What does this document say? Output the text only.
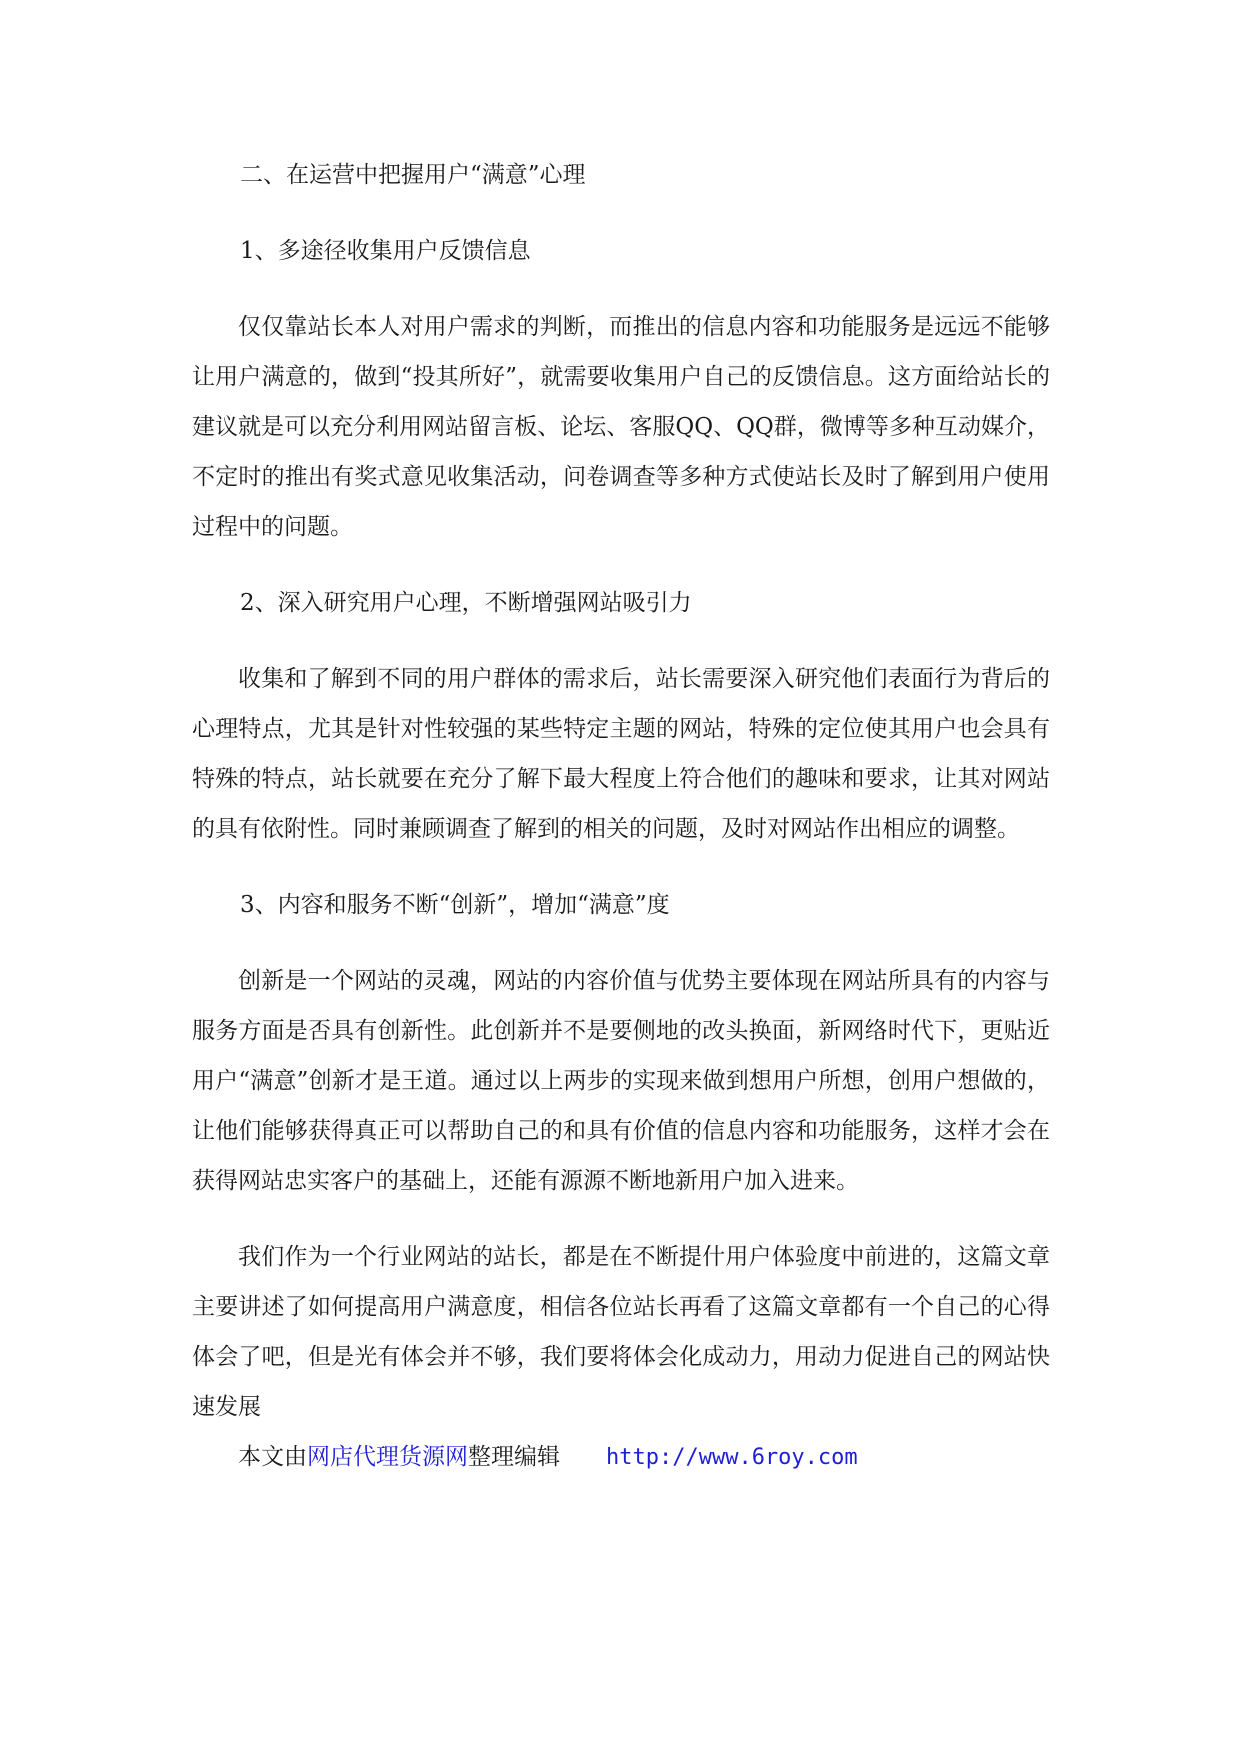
二、在运营中把握用户“满意”心理

1、多途径收集用户反馈信息

仅仅靠站长本人对用户需求的判断，而推出的信息内容和功能服务是远远不能够让用户满意的，做到“投其所好”，就需要收集用户自己的反馈信息。这方面给站长的建议就是可以充分利用网站留言板、论坛、客服QQ、QQ群，微博等多种互动媒介，不定时的推出有奖式意见收集活动，问卷调查等多种方式使站长及时了解到用户使用过程中的问题。

2、深入研究用户心理，不断增强网站吸引力

收集和了解到不同的用户群体的需求后，站长需要深入研究他们表面行为背后的心理特点，尤其是针对性较强的某些特定主题的网站，特殊的定位使其用户也会具有特殊的特点，站长就要在充分了解下最大程度上符合他们的趣味和要求，让其对网站的具有依附性。同时兼顾调查了解到的相关的问题，及时对网站作出相应的调整。

3、内容和服务不断“创新”，增加“满意”度

创新是一个网站的灵魂，网站的内容价值与优势主要体现在网站所具有的内容与服务方面是否具有创新性。此创新并不是要侧地的改头换面，新网络时代下，更贴近用户“满意”创新才是王道。通过以上两步的实现来做到想用户所想，创用户想做的，让他们能够获得真正可以帮助自己的和具有价值的信息内容和功能服务，这样才会在获得网站忠实客户的基础上，还能有源源不断地新用户加入进来。

我们作为一个行业网站的站长，都是在不断提什用户体验度中前进的，这篇文章主要讲述了如何提高用户满意度，相信各位站长再看了这篇文章都有一个自己的心得体会了吧，但是光有体会并不够，我们要将体会化成动力，用动力促进自己的网站快速发展

本文由网店代理货源网整理编辑 http://www.6roy.com
